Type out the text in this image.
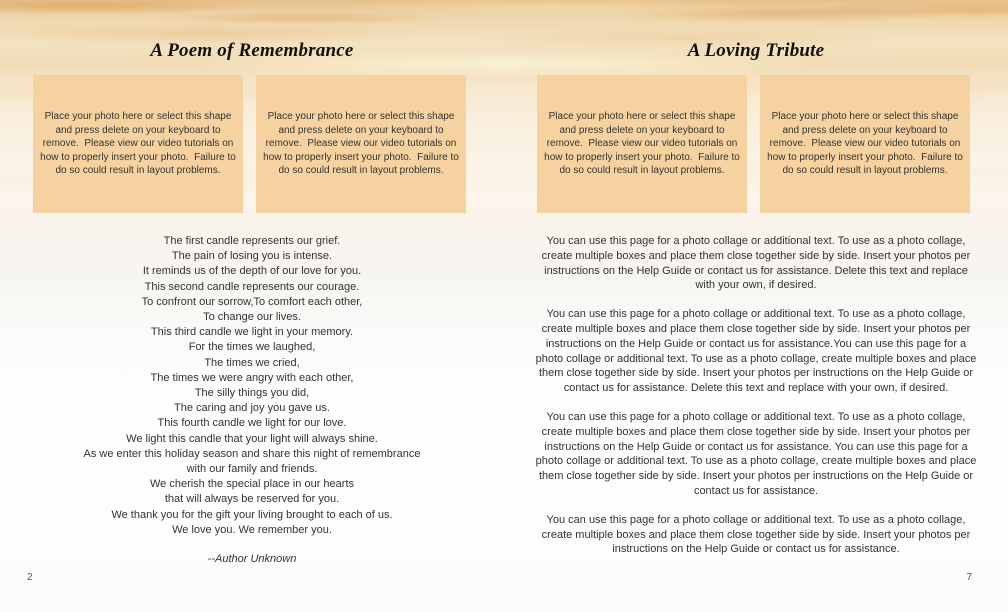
A Poem of Remembrance
Place your photo here or select this shape and press delete on your keyboard to remove.  Please view our video tutorials on how to properly insert your photo.  Failure to do so could result in layout problems.
Place your photo here or select this shape and press delete on your keyboard to remove.  Please view our video tutorials on how to properly insert your photo.  Failure to do so could result in layout problems.
The first candle represents our grief.
The pain of losing you is intense.
It reminds us of the depth of our love for you.
This second candle represents our courage.
To confront our sorrow,To comfort each other,
To change our lives.
This third candle we light in your memory.
For the times we laughed,
The times we cried,
The times we were angry with each other,
The silly things you did,
The caring and joy you gave us.
This fourth candle we light for our love.
We light this candle that your light will always shine.
As we enter this holiday season and share this night of remembrance
with our family and friends.
We cherish the special place in our hearts
that will always be reserved for you.
We thank you for the gift your living brought to each of us.
We love you. We remember you.
--Author Unknown
2
A Loving Tribute
Place your photo here or select this shape and press delete on your keyboard to remove.  Please view our video tutorials on how to properly insert your photo.  Failure to do so could result in layout problems.
Place your photo here or select this shape and press delete on your keyboard to remove.  Please view our video tutorials on how to properly insert your photo.  Failure to do so could result in layout problems.

You can use this page for a photo collage or additional text. To use as a photo collage,  create multiple boxes and place them close together side by side. Insert your photos per instructions on the Help Guide or contact us for assistance. Delete this text and replace with your own, if desired.

You can use this page for a photo collage or additional text. To use as a photo collage,  create multiple boxes and place them close together side by side. Insert your photos per instructions on the Help Guide or contact us for assistance.You can use this page for a photo collage or additional text. To use as a photo collage, create multiple boxes and place them close together side by side. Insert your photos per instructions on the Help Guide or contact us for assistance. Delete this text and replace with your own, if desired.

You can use this page for a photo collage or additional text. To use as a photo collage,  create multiple boxes and place them close together side by side. Insert your photos per instructions on the Help Guide or contact us for assistance. You can use this page for a photo collage or additional text. To use as a photo collage, create multiple boxes and place them close together side by side. Insert your photos per instructions on the Help Guide or contact us for assistance.

You can use this page for a photo collage or additional text. To use as a photo collage,  create multiple boxes and place them close together side by side. Insert your photos per instructions on the Help Guide or contact us for assistance.

7
